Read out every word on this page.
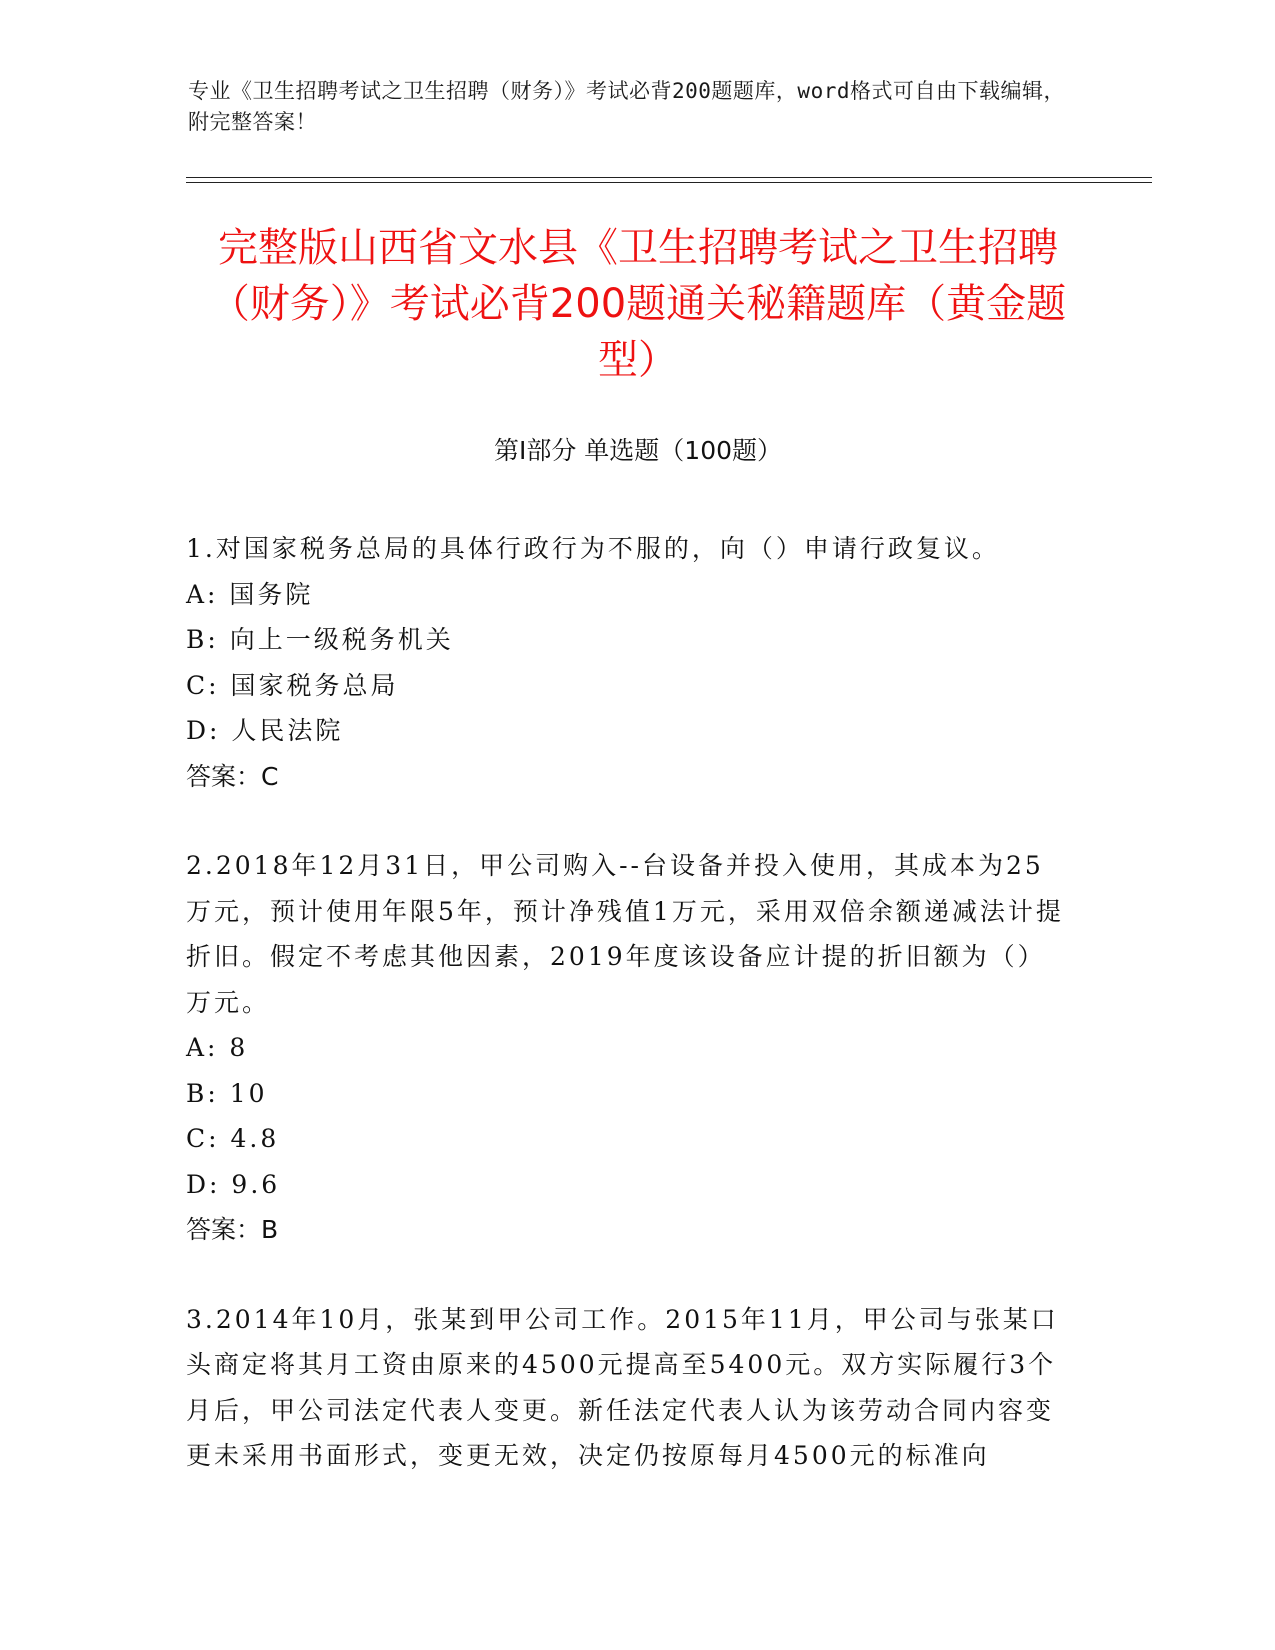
专业《卫生招聘考试之卫生招聘（财务）》考试必背200题题库，word格式可自由下载编辑，附完整答案！
完整版山西省文水县《卫生招聘考试之卫生招聘（财务）》考试必背200题通关秘籍题库（黄金题型）
第Ⅰ部分 单选题（100题）

1.对国家税务总局的具体行政行为不服的，向（）申请行政复议。

A: 国务院

B: 向上一级税务机关

C: 国家税务总局

D: 人民法院

答案：C

2.2018年12月31日，甲公司购入--台设备并投入使用，其成本为25万元，预计使用年限5年，预计净残值1万元，采用双倍余额递减法计提折旧。假定不考虑其他因素，2019年度该设备应计提的折旧额为（）万元。

A: 8

B: 10

C: 4.8

D: 9.6

答案：B

3.2014年10月，张某到甲公司工作。2015年11月，甲公司与张某口头商定将其月工资由原来的4500元提高至5400元。双方实际履行3个月后，甲公司法定代表人变更。新任法定代表人认为该劳动合同内容变更未采用书面形式，变更无效，决定仍按原每月4500元的标准向
